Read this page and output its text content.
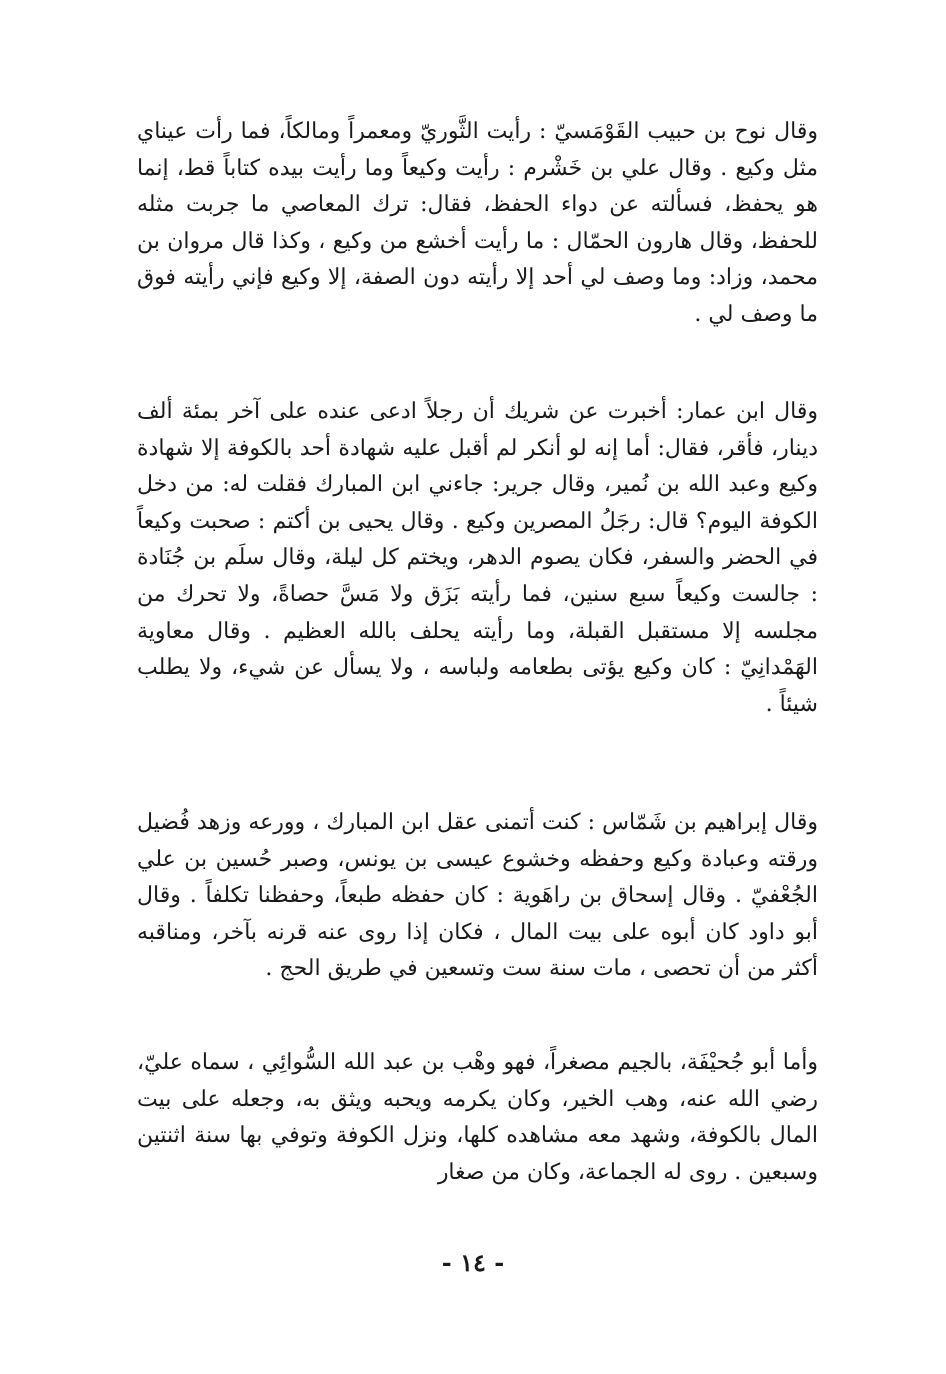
وقال نوح بن حبيب القَوْمَسيّ : رأيت الثَّوريّ ومعمراً ومالكاً، فما رأت عيناي مثل وكيع . وقال علي بن خَشْرم : رأيت وكيعاً وما رأيت بيده كتاباً قط، إنما هو يحفظ، فسألته عن دواء الحفظ، فقال: ترك المعاصي ما جربت مثله للحفظ، وقال هارون الحمّال : ما رأيت أخشع من وكيع ، وكذا قال مروان بن محمد، وزاد: وما وصف لي أحد إلا رأيته دون الصفة، إلا وكيع فإني رأيته فوق ما وصف لي .
وقال ابن عمار: أخبرت عن شريك أن رجلاً ادعى عنده على آخر بمئة ألف دينار، فأقر، فقال: أما إنه لو أنكر لم أقبل عليه شهادة أحد بالكوفة إلا شهادة وكيع وعبد الله بن نُمير، وقال جرير: جاءني ابن المبارك فقلت له: من دخل الكوفة اليوم؟ قال: رجَلُ المصرين وكيع . وقال يحيى بن أكتم : صحبت وكيعاً في الحضر والسفر، فكان يصوم الدهر، ويختم كل ليلة، وقال سلَم بن جُنَادة : جالست وكيعاً سبع سنين، فما رأيته بَزَق ولا مَسَّ حصاةً، ولا تحرك من مجلسه إلا مستقبل القبلة، وما رأيته يحلف بالله العظيم . وقال معاوية الهَمْدانِيّ : كان وكيع يؤتى بطعامه ولباسه ، ولا يسأل عن شيء، ولا يطلب شيئاً .
وقال إبراهيم بن شَمّاس : كنت أتمنى عقل ابن المبارك ، وورعه وزهد فُضيل ورقته وعبادة وكيع وحفظه وخشوع عيسى بن يونس، وصبر حُسين بن علي الجُعْفيّ . وقال إسحاق بن راهَوية : كان حفظه طبعاً، وحفظنا تكلفاً . وقال أبو داود كان أبوه على بيت المال ، فكان إذا روى عنه قرنه بآخر، ومناقبه أكثر من أن تحصى ، مات سنة ست وتسعين في طريق الحج .
وأما أبو جُحيْفَة، بالجيم مصغراً، فهو وهْب بن عبد الله السُّوائِي ، سماه عليّ، رضي الله عنه، وهب الخير، وكان يكرمه ويحبه ويثق به، وجعله على بيت المال بالكوفة، وشهد معه مشاهده كلها، ونزل الكوفة وتوفي بها سنة اثنتين وسبعين . روى له الجماعة، وكان من صغار
- ١٤ -
